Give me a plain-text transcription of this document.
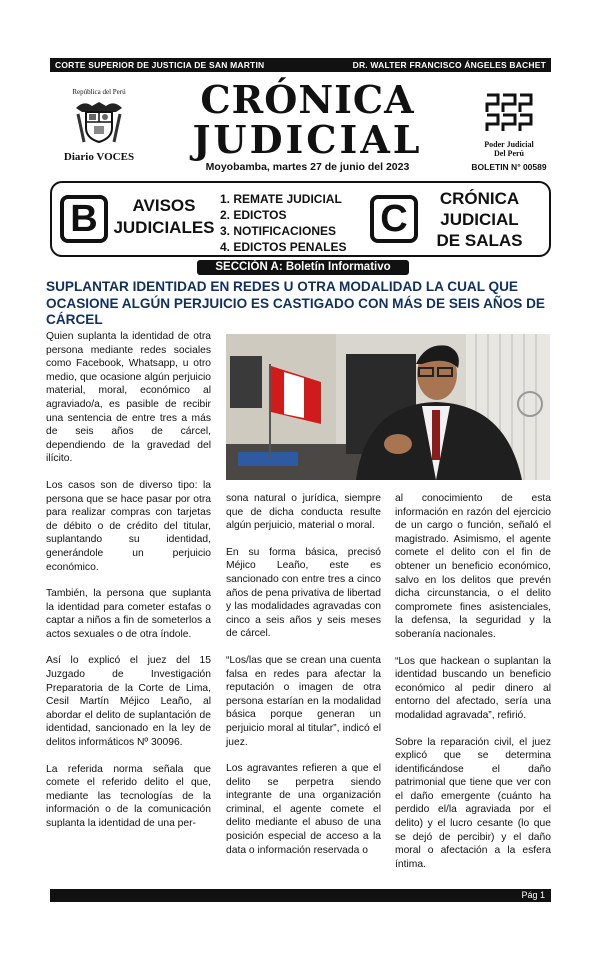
CORTE SUPERIOR DE JUSTICIA DE SAN MARTIN	DR. WALTER FRANCISCO ÁNGELES BACHET
República del Perú
Diario VOCES
CRÓNICA
JUDICIAL
Moyobamba, martes 27 de junio del 2023
Poder Judicial
Del Perú
BOLETIN N° 00589
B	AVISOS
JUDICIALES
1. REMATE JUDICIAL
2. EDICTOS
3. NOTIFICACIONES
4. EDICTOS PENALES
C	CRÓNICA
JUDICIAL
DE SALAS
SECCIÓN A: Boletín Informativo
SUPLANTAR IDENTIDAD EN REDES U OTRA MODALIDAD LA CUAL QUE OCASIONE ALGÚN PERJUICIO ES CASTIGADO CON MÁS DE SEIS AÑOS DE CÁRCEL

Quien suplanta la identidad de otra persona mediante redes sociales como Facebook, Whatsapp, u otro medio, que ocasione algún perjuicio material, moral, económico al agraviado/a, es pasible de recibir una sentencia de entre tres a más de seis años de cárcel, dependiendo de la gravedad del ilícito.

Los casos son de diverso tipo: la persona que se hace pasar por otra para realizar compras con tarjetas de débito o de crédito del titular, suplantando su identidad, generándole un perjuicio económico.

También, la persona que suplanta la identidad para cometer estafas o captar a niños a fin de someterlos a actos sexuales o de otra índole.

Así lo explicó el juez del 15 Juzgado de Investigación Preparatoria de la Corte de Lima, Cesil Martín Méjico Leaño, al abordar el delito de suplantación de identidad, sancionado en la ley de delitos informáticos Nº 30096.

La referida norma señala que comete el referido delito el que, mediante las tecnologías de la información o de la comunicación suplanta la identidad de una per-

sona natural o jurídica, siempre que de dicha conducta resulte algún perjuicio, material o moral.

En su forma básica, precisó Méjico Leaño, este es sancionado con entre tres a cinco años de pena privativa de libertad y las modalidades agravadas con cinco a seis años y seis meses de cárcel.

“Los/las que se crean una cuenta falsa en redes para afectar la reputación o imagen de otra persona estarían en la modalidad básica porque generan un perjuicio moral al titular”, indicó el juez.

Los agravantes refieren a que el delito se perpetra siendo integrante de una organización criminal, el agente comete el delito mediante el abuso de una posición especial de acceso a la data o información reservada o

al conocimiento de esta información en razón del ejercicio de un cargo o función, señaló el magistrado. Asimismo, el agente comete el delito con el fin de obtener un beneficio económico, salvo en los delitos que prevén dicha circunstancia, o el delito compromete fines asistenciales, la defensa, la seguridad y la soberanía nacionales.

“Los que hackean o suplantan la identidad buscando un beneficio económico al pedir dinero al entorno del afectado, sería una modalidad agravada”, refirió.

Sobre la reparación civil, el juez explicó que se determina identificándose el daño patrimonial que tiene que ver con el daño emergente (cuánto ha perdido el/la agraviada por el delito) y el lucro cesante (lo que se dejó de percibir) y el daño moral o afectación a la esfera íntima.

Pág 1
